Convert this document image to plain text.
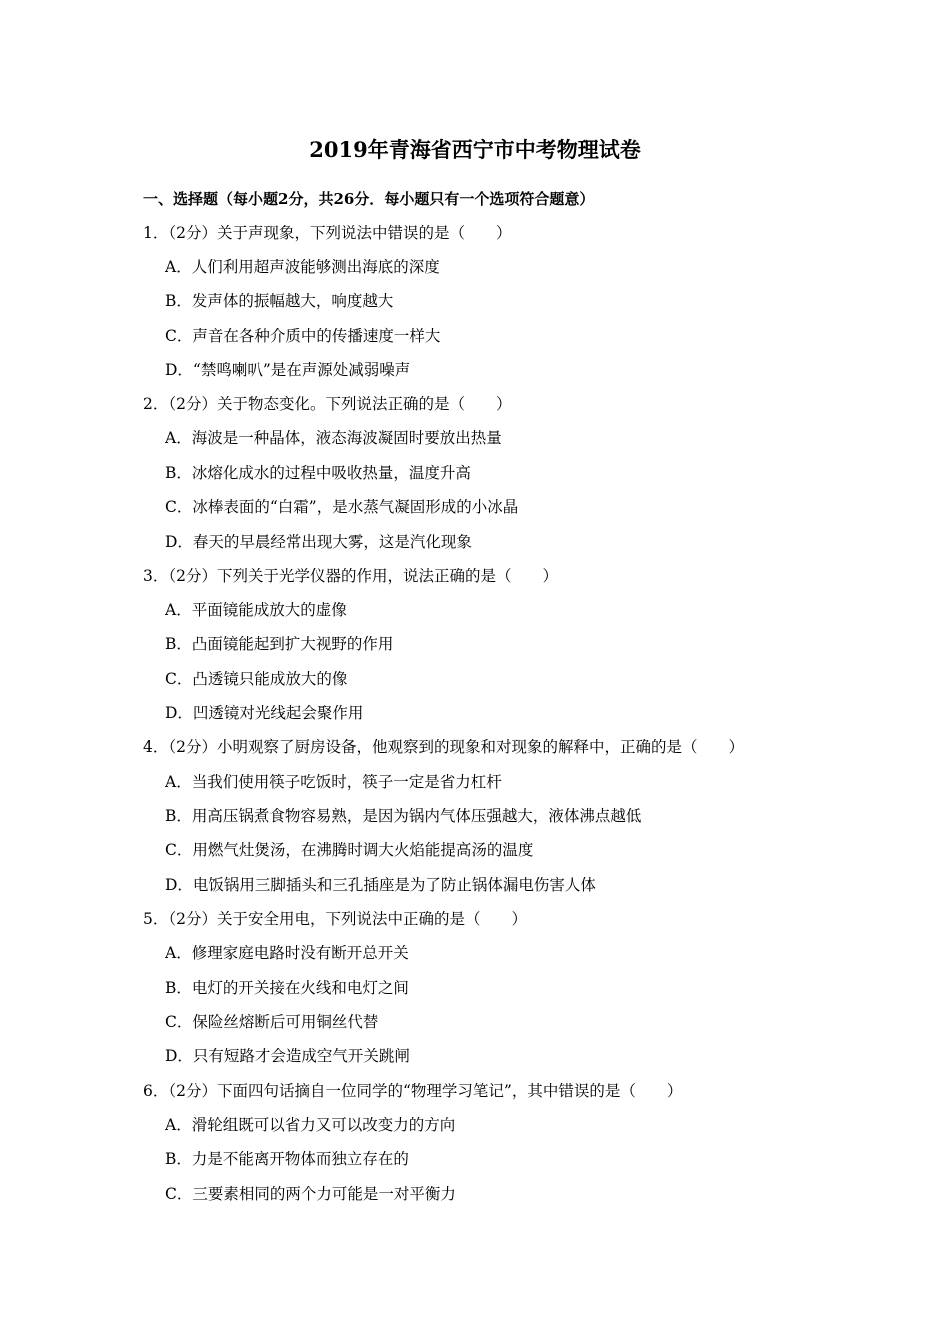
2019年青海省西宁市中考物理试卷
一、选择题（每小题2分，共26分．每小题只有一个选项符合题意）
1．（2分）关于声现象，下列说法中错误的是（　　）
A．人们利用超声波能够测出海底的深度
B．发声体的振幅越大，响度越大
C．声音在各种介质中的传播速度一样大
D．“禁鸣喇叭”是在声源处减弱噪声
2．（2分）关于物态变化。下列说法正确的是（　　）
A．海波是一种晶体，液态海波凝固时要放出热量
B．冰熔化成水的过程中吸收热量，温度升高
C．冰棒表面的“白霜”，是水蒸气凝固形成的小冰晶
D．春天的早晨经常出现大雾，这是汽化现象
3．（2分）下列关于光学仪器的作用，说法正确的是（　　）
A．平面镜能成放大的虚像
B．凸面镜能起到扩大视野的作用
C．凸透镜只能成放大的像
D．凹透镜对光线起会聚作用
4．（2分）小明观察了厨房设备，他观察到的现象和对现象的解释中，正确的是（　　）
A．当我们使用筷子吃饭时，筷子一定是省力杠杆
B．用高压锅煮食物容易熟，是因为锅内气体压强越大，液体沸点越低
C．用燃气灶煲汤，在沸腾时调大火焰能提高汤的温度
D．电饭锅用三脚插头和三孔插座是为了防止锅体漏电伤害人体
5．（2分）关于安全用电，下列说法中正确的是（　　）
A．修理家庭电路时没有断开总开关
B．电灯的开关接在火线和电灯之间
C．保险丝熔断后可用铜丝代替
D．只有短路才会造成空气开关跳闸
6．（2分）下面四句话摘自一位同学的“物理学习笔记”，其中错误的是（　　）
A．滑轮组既可以省力又可以改变力的方向
B．力是不能离开物体而独立存在的
C．三要素相同的两个力可能是一对平衡力
